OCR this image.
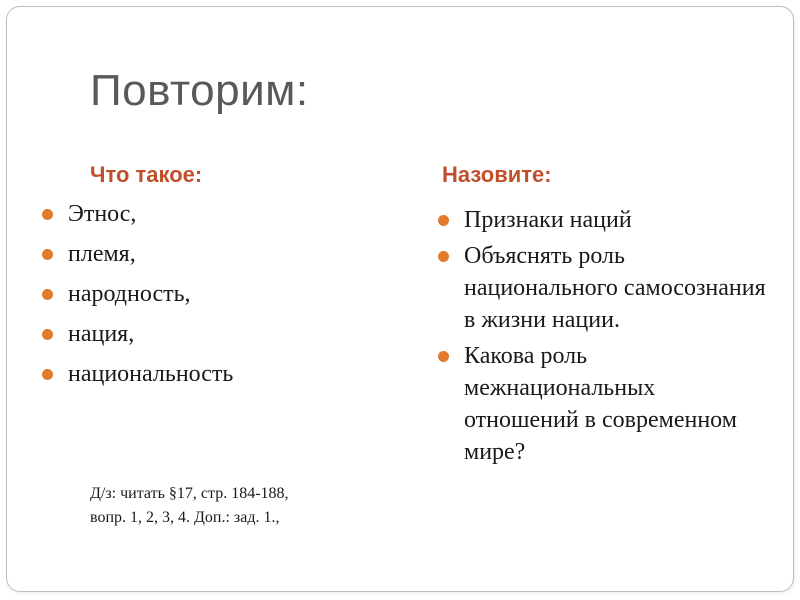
Повторим:
Что такое:	Назовите:
Этнос,
племя,
народность,
нация,
национальность
Признаки наций
Объяснять роль национального самосознания в жизни нации.
Какова роль межнациональных отношений в современном мире?
Д/з: читать §17, стр. 184-188,
вопр. 1, 2, 3, 4. Доп.: зад. 1.,
